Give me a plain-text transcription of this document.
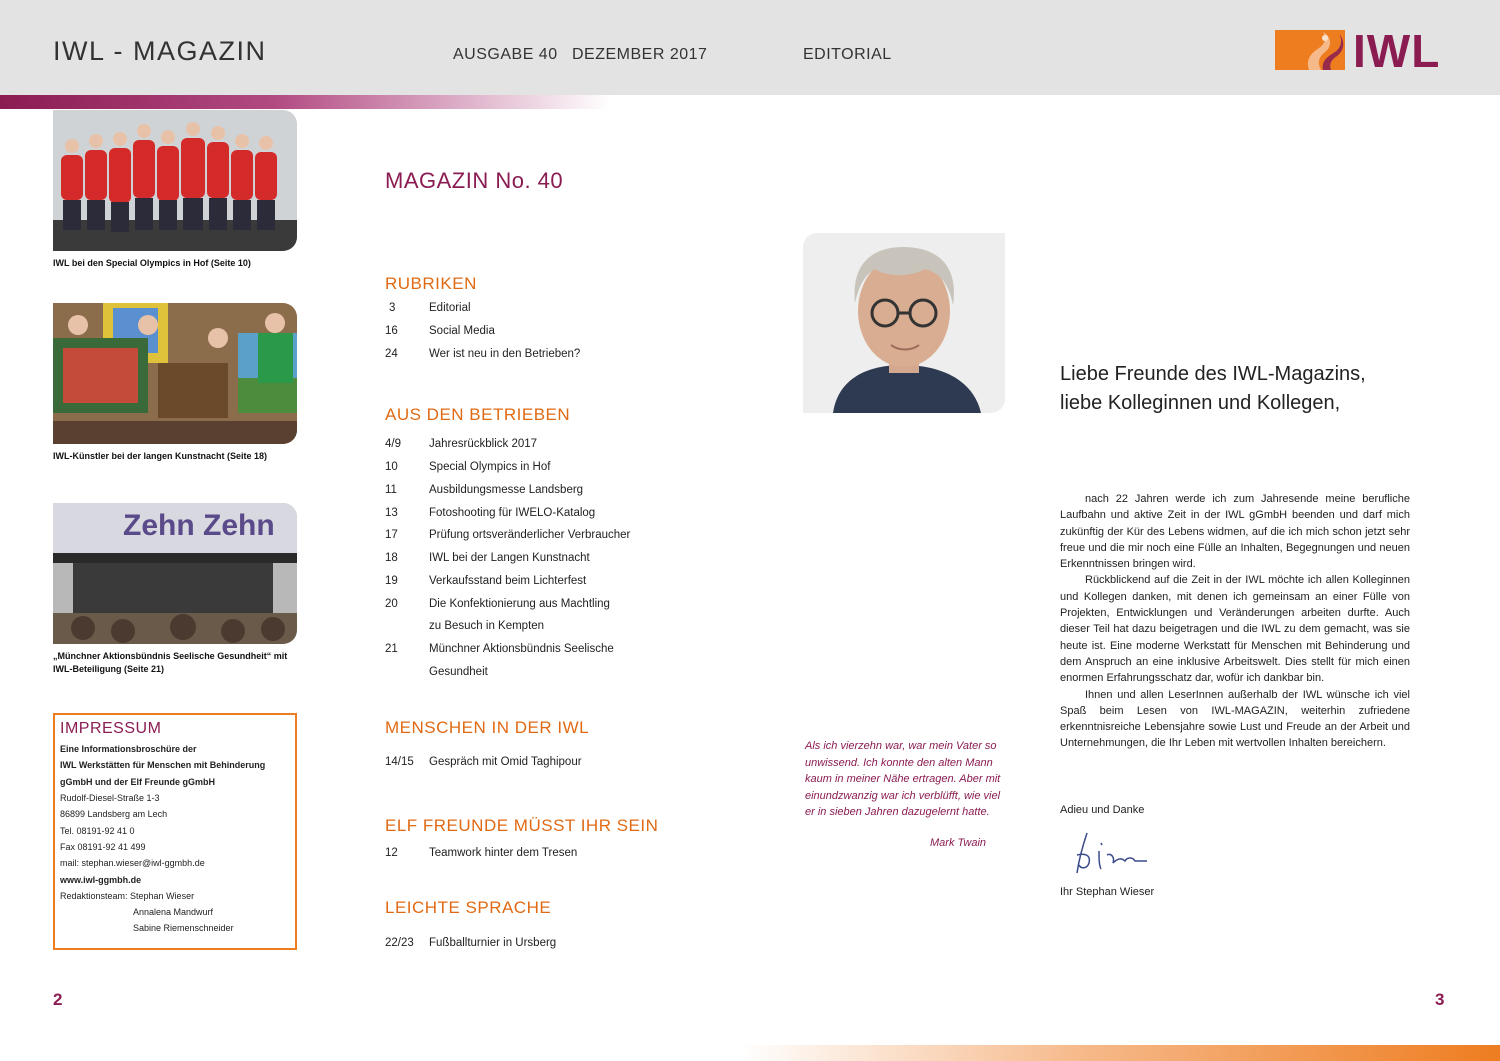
IWL - MAGAZIN	AUSGABE 40 DEZEMBER 2017	EDITORIAL	IWL
IWL bei den Special Olympics in Hof (Seite 10)
IWL-Künstler bei der langen Kunstnacht (Seite 18)
Zehn Zehn
„Münchner Aktionsbündnis Seelische Gesundheit“ mit IWL-Beteiligung (Seite 21)
IMPRESSUM
Eine Informationsbroschüre der
IWL Werkstätten für Menschen mit Behinderung
gGmbH und der Elf Freunde gGmbH
Rudolf-Diesel-Straße 1-3
86899 Landsberg am Lech
Tel. 08191-92 41 0
Fax 08191-92 41 499
mail: stephan.wieser@iwl-ggmbh.de
www.iwl-ggmbh.de
Redaktionsteam: Stephan Wieser
Annalena Mandwurf
Sabine Riemenschneider
2
MAGAZIN No. 40
RUBRIKEN
3	Editorial
16	Social Media
24	Wer ist neu in den Betrieben?
AUS DEN BETRIEBEN
4/9	Jahresrückblick 2017
10	Special Olympics in Hof
11	Ausbildungsmesse Landsberg
13	Fotoshooting für IWELO-Katalog
17	Prüfung ortsveränderlicher Verbraucher
18	IWL bei der Langen Kunstnacht
19	Verkaufsstand beim Lichterfest
20	Die Konfektionierung aus Machtling
zu Besuch in Kempten
21	Münchner Aktionsbündnis Seelische
Gesundheit
MENSCHEN IN DER IWL
14/15	Gespräch mit Omid Taghipour
ELF FREUNDE MÜSST IHR SEIN
12	Teamwork hinter dem Tresen
LEICHTE SPRACHE
22/23	Fußballturnier in Ursberg
Als ich vierzehn war, war mein Vater so unwissend. Ich konnte den alten Mann kaum in meiner Nähe ertragen. Aber mit einundzwanzig war ich verblüfft, wie viel er in sieben Jahren dazugelernt hatte.
Mark Twain
Liebe Freunde des IWL-Magazins,
liebe Kolleginnen und Kollegen,

nach 22 Jahren werde ich zum Jahresende meine berufliche Laufbahn und aktive Zeit in der IWL gGmbH beenden und darf mich zukünftig der Kür des Lebens widmen, auf die ich mich schon jetzt sehr freue und die mir noch eine Fülle an Inhalten, Begegnungen und neuen Erkenntnissen bringen wird.

Rückblickend auf die Zeit in der IWL möchte ich allen Kolleginnen und Kollegen danken, mit denen ich gemeinsam an einer Fülle von Projekten, Entwicklungen und Veränderungen arbeiten durfte. Auch dieser Teil hat dazu beigetragen und die IWL zu dem gemacht, was sie heute ist. Eine moderne Werkstatt für Menschen mit Behinderung und dem Anspruch an eine inklusive Arbeitswelt. Dies stellt für mich einen enormen Erfahrungsschatz dar, wofür ich dankbar bin.

Ihnen und allen LeserInnen außerhalb der IWL wünsche ich viel Spaß beim Lesen von IWL-MAGAZIN, weiterhin zufriedene erkenntnisreiche Lebensjahre sowie Lust und Freude an der Arbeit und Unternehmungen, die Ihr Leben mit wertvollen Inhalten bereichern.

Adieu und Danke
Ihr Stephan Wieser
3
